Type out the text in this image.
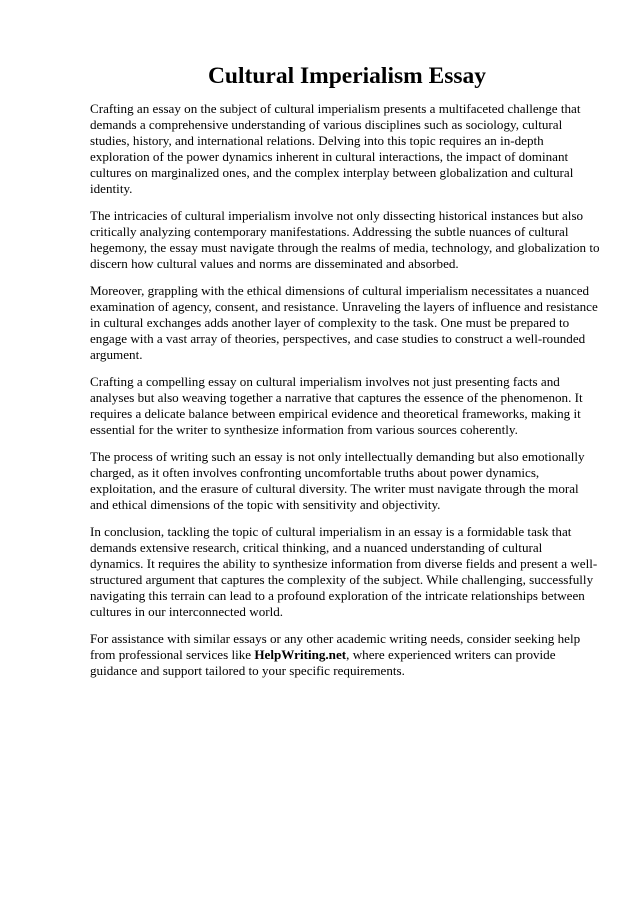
Cultural Imperialism Essay

Crafting an essay on the subject of cultural imperialism presents a multifaceted challenge that
demands a comprehensive understanding of various disciplines such as sociology, cultural
studies, history, and international relations. Delving into this topic requires an in-depth
exploration of the power dynamics inherent in cultural interactions, the impact of dominant
cultures on marginalized ones, and the complex interplay between globalization and cultural
identity.

The intricacies of cultural imperialism involve not only dissecting historical instances but also
critically analyzing contemporary manifestations. Addressing the subtle nuances of cultural
hegemony, the essay must navigate through the realms of media, technology, and globalization to
discern how cultural values and norms are disseminated and absorbed.

Moreover, grappling with the ethical dimensions of cultural imperialism necessitates a nuanced
examination of agency, consent, and resistance. Unraveling the layers of influence and resistance
in cultural exchanges adds another layer of complexity to the task. One must be prepared to
engage with a vast array of theories, perspectives, and case studies to construct a well-rounded
argument.

Crafting a compelling essay on cultural imperialism involves not just presenting facts and
analyses but also weaving together a narrative that captures the essence of the phenomenon. It
requires a delicate balance between empirical evidence and theoretical frameworks, making it
essential for the writer to synthesize information from various sources coherently.

The process of writing such an essay is not only intellectually demanding but also emotionally
charged, as it often involves confronting uncomfortable truths about power dynamics,
exploitation, and the erasure of cultural diversity. The writer must navigate through the moral
and ethical dimensions of the topic with sensitivity and objectivity.

In conclusion, tackling the topic of cultural imperialism in an essay is a formidable task that
demands extensive research, critical thinking, and a nuanced understanding of cultural
dynamics. It requires the ability to synthesize information from diverse fields and present a well-
structured argument that captures the complexity of the subject. While challenging, successfully
navigating this terrain can lead to a profound exploration of the intricate relationships between
cultures in our interconnected world.

For assistance with similar essays or any other academic writing needs, consider seeking help
from professional services like HelpWriting.net, where experienced writers can provide
guidance and support tailored to your specific requirements.
